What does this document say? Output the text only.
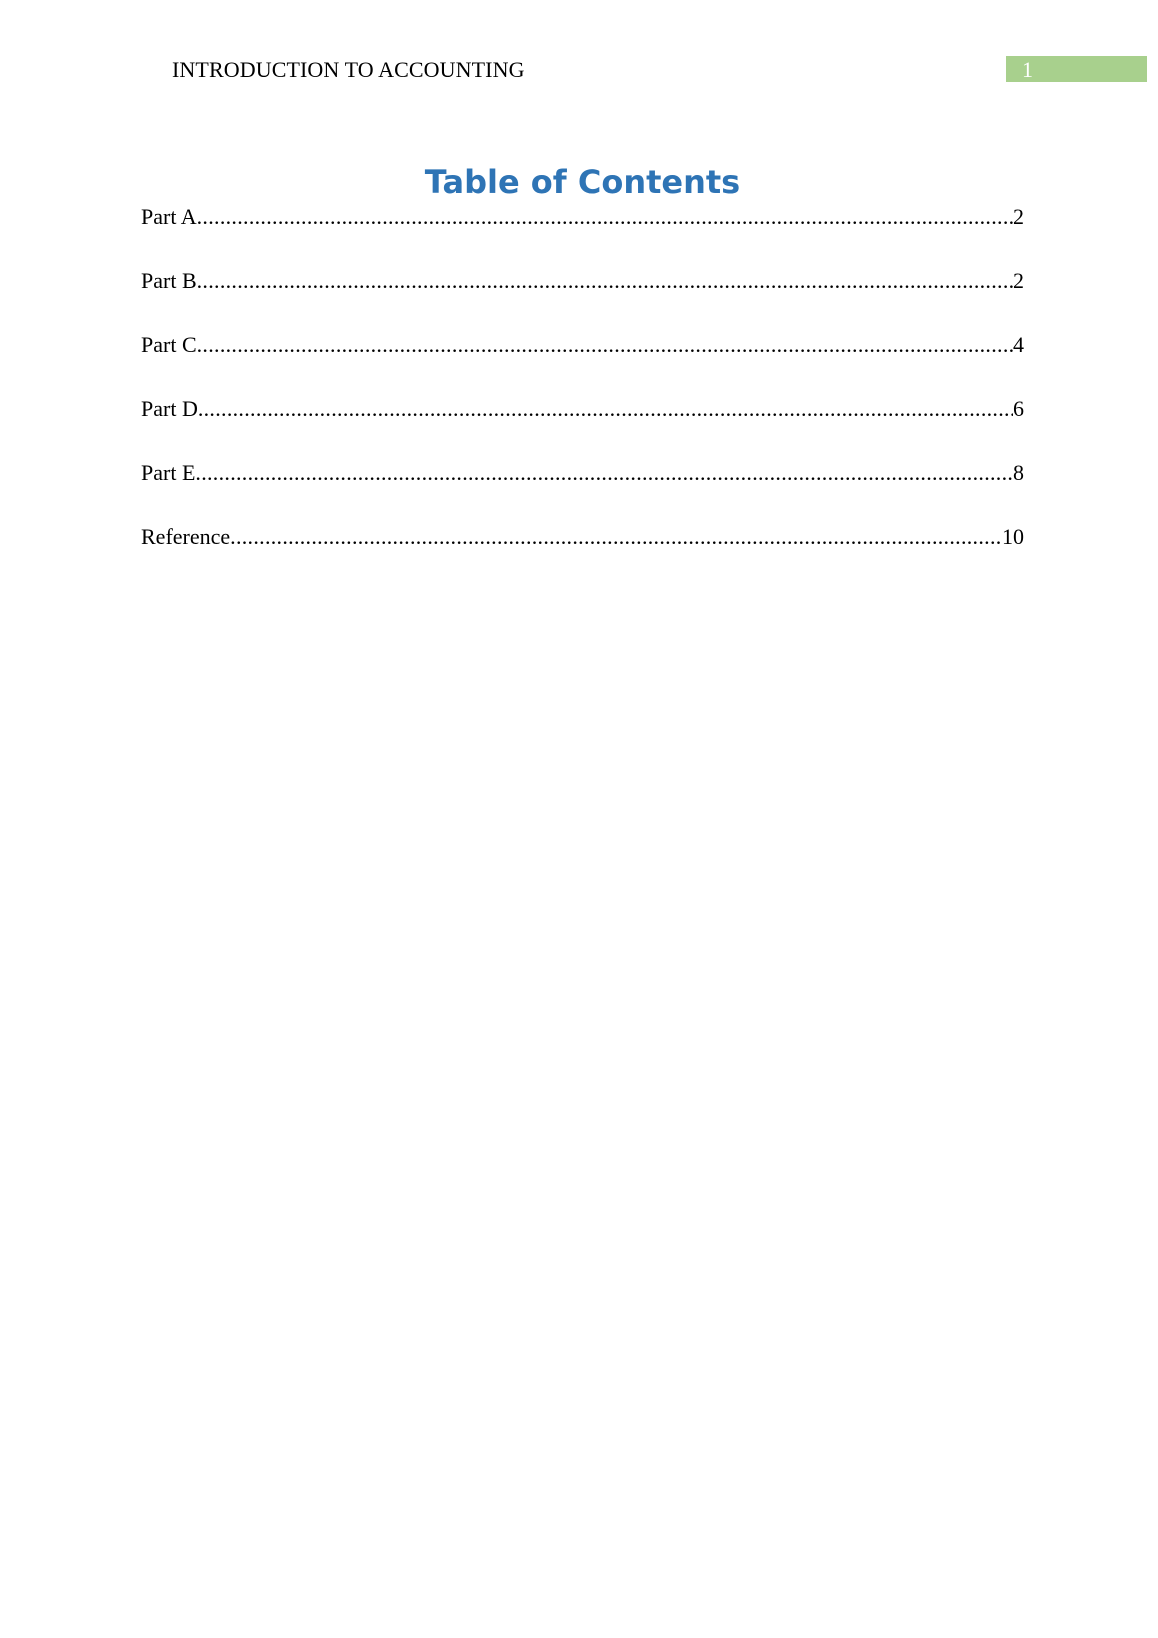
INTRODUCTION TO ACCOUNTING	1
Table of Contents
Part A .....	2
Part B .....	2
Part C .....	4
Part D .....	6
Part E .....	8
Reference .....	10
